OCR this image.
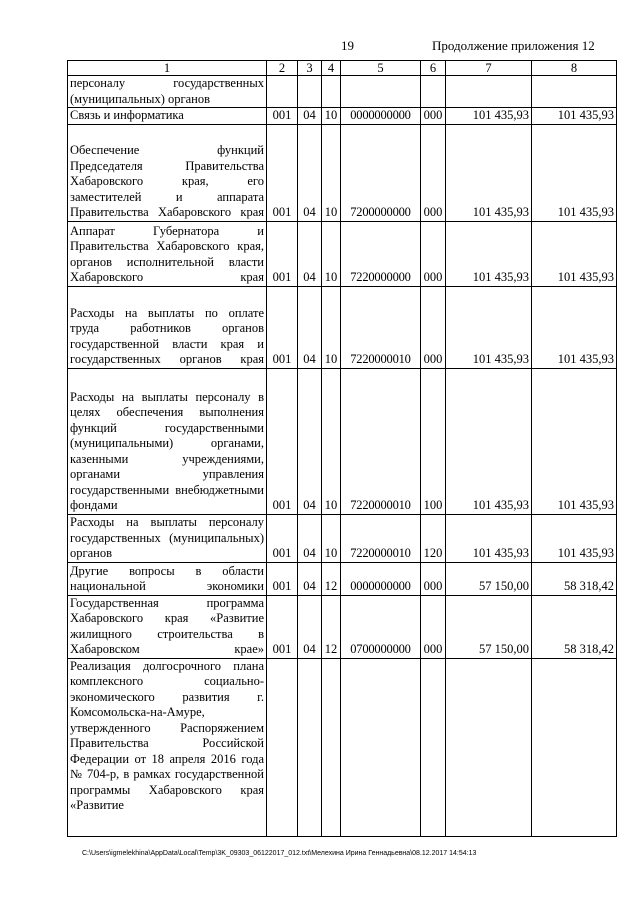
19	Продолжение приложения 12
1	2	3	4	5	6	7	8
персоналу государственных (муниципальных) органов							
Связь и информатика	001	04	10	0000000000	000	101 435,93	101 435,93
Обеспечение функций Председателя Правительства Хабаровского края, его заместителей и аппарата Правительства Хабаровского края	001	04	10	7200000000	000	101 435,93	101 435,93
Аппарат Губернатора и Правительства Хабаровского края, органов исполнительной власти Хабаровского края	001	04	10	7220000000	000	101 435,93	101 435,93
Расходы на выплаты по оплате труда работников органов государственной власти края и государственных органов края	001	04	10	7220000010	000	101 435,93	101 435,93
Расходы на выплаты персоналу в целях обеспечения выполнения функций государственными (муниципальными) органами, казенными учреждениями, органами управления государственными внебюджетными фондами	001	04	10	7220000010	100	101 435,93	101 435,93
Расходы на выплаты персоналу государственных (муниципальных) органов	001	04	10	7220000010	120	101 435,93	101 435,93
Другие вопросы в области национальной экономики	001	04	12	0000000000	000	57 150,00	58 318,42
Государственная программа Хабаровского края «Развитие жилищного строительства в Хабаровском крае»	001	04	12	0700000000	000	57 150,00	58 318,42
Реализация долгосрочного плана комплексного социально-экономического развития г. Комсомольска-на-Амуре, утвержденного Распоряжением Правительства Российской Федерации от 18 апреля 2016 года № 704-р, в рамках государственной программы Хабаровского края «Развитие							
C:\Users\igmelekhina\AppData\Local\Temp\3K_09303_06122017_012.txt\Мелехина Ирина Геннадьевна\08.12.2017 14:54:13
